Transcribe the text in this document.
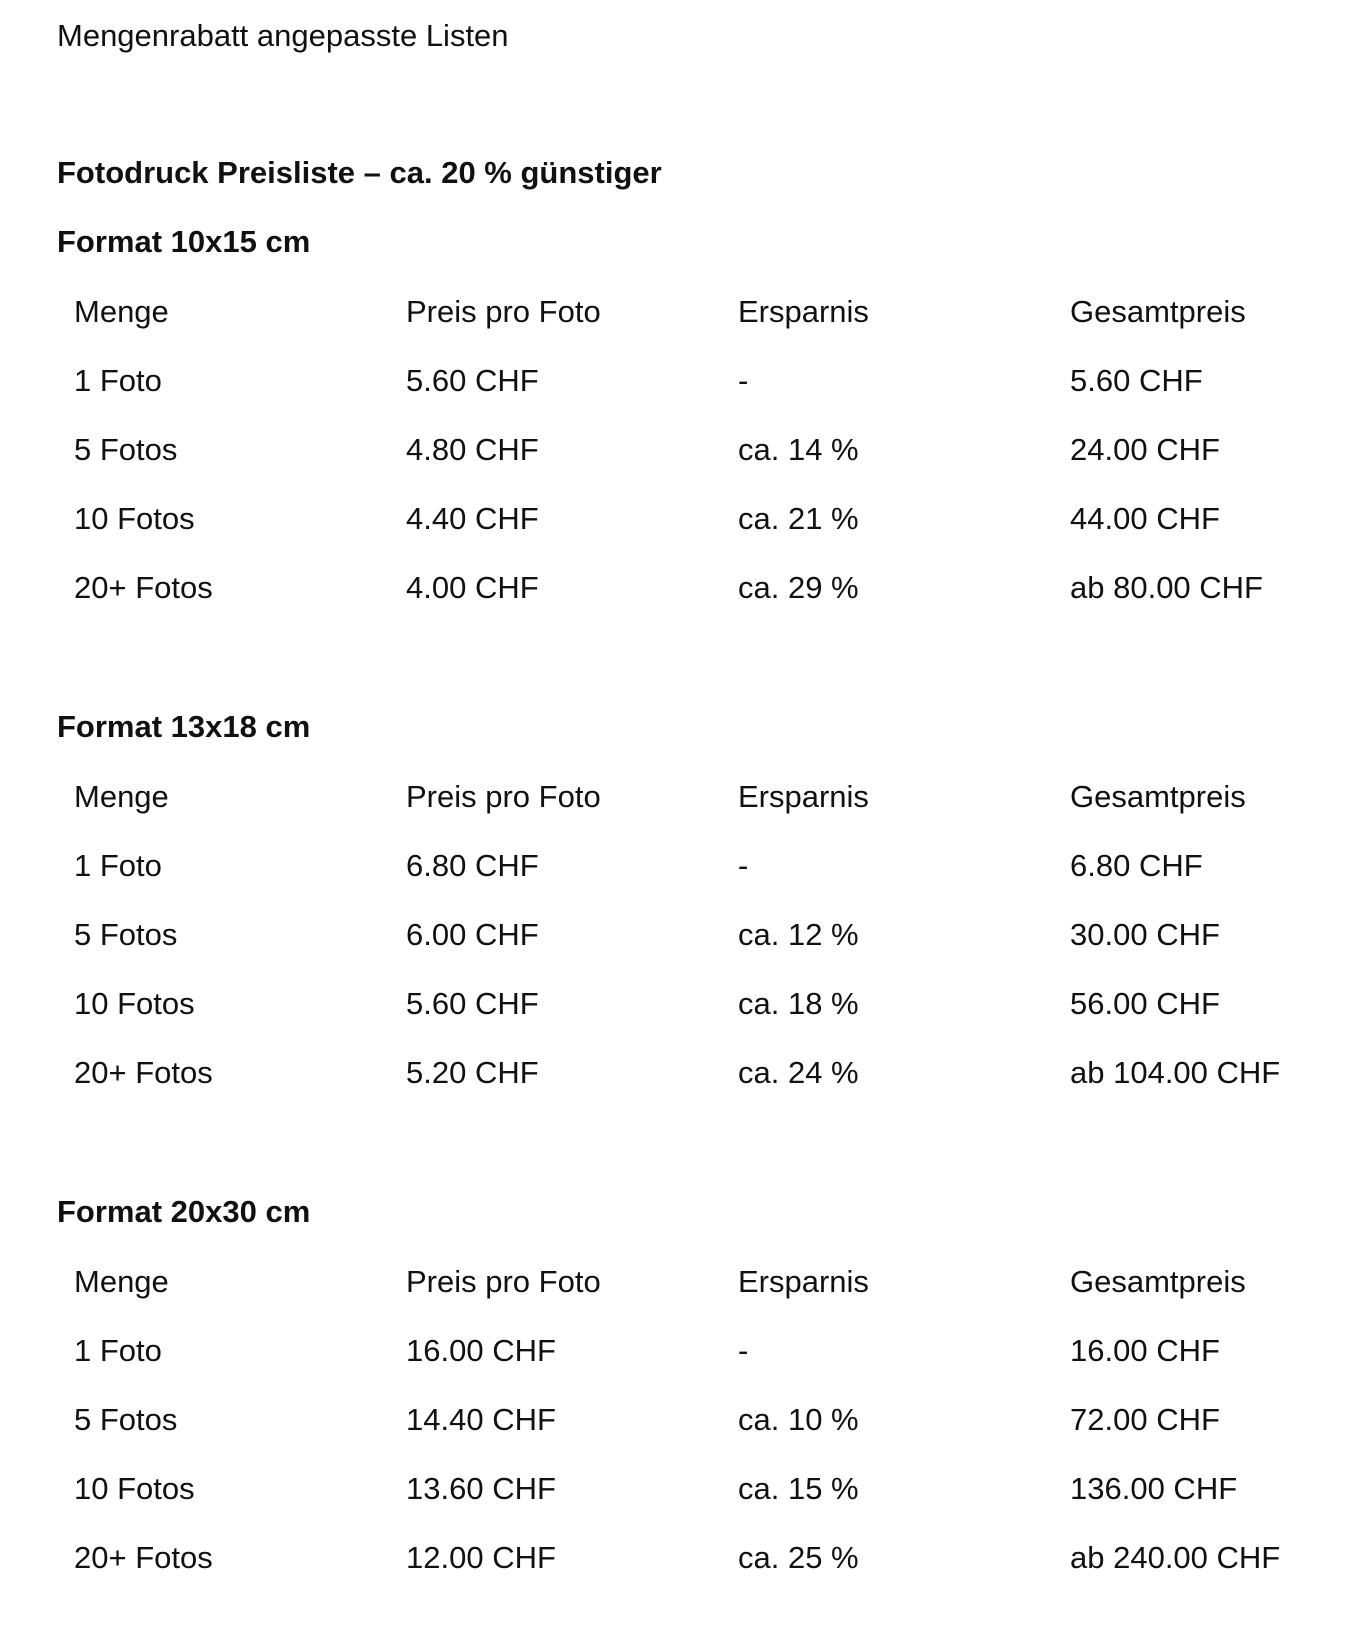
Mengenrabatt angepasste Listen
Fotodruck Preisliste – ca. 20 % günstiger
Format 10x15 cm
Menge	Preis pro Foto	Ersparnis	Gesamtpreis
1 Foto	5.60 CHF	-	5.60 CHF
5 Fotos	4.80 CHF	ca. 14 %	24.00 CHF
10 Fotos	4.40 CHF	ca. 21 %	44.00 CHF
20+ Fotos	4.00 CHF	ca. 29 %	ab 80.00 CHF
Format 13x18 cm
Menge	Preis pro Foto	Ersparnis	Gesamtpreis
1 Foto	6.80 CHF	-	6.80 CHF
5 Fotos	6.00 CHF	ca. 12 %	30.00 CHF
10 Fotos	5.60 CHF	ca. 18 %	56.00 CHF
20+ Fotos	5.20 CHF	ca. 24 %	ab 104.00 CHF
Format 20x30 cm
Menge	Preis pro Foto	Ersparnis	Gesamtpreis
1 Foto	16.00 CHF	-	16.00 CHF
5 Fotos	14.40 CHF	ca. 10 %	72.00 CHF
10 Fotos	13.60 CHF	ca. 15 %	136.00 CHF
20+ Fotos	12.00 CHF	ca. 25 %	ab 240.00 CHF
